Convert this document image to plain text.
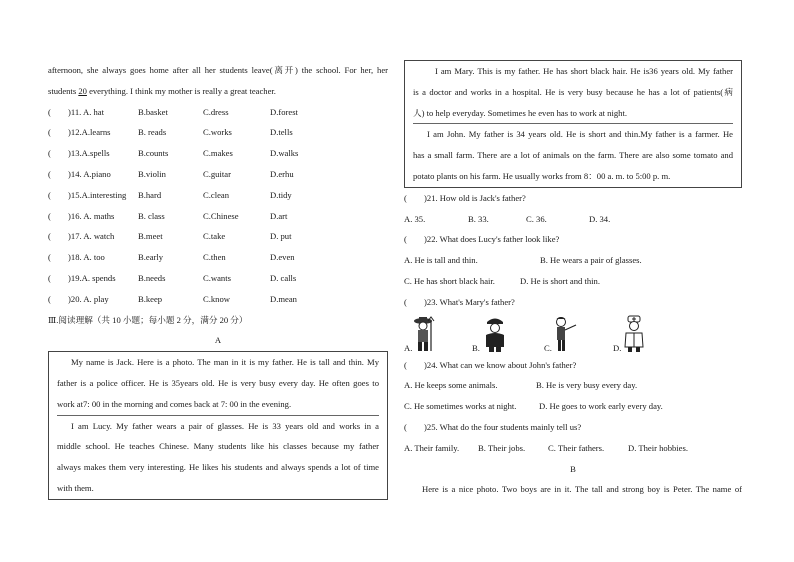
afternoon, she always goes home after all her students leave(离开) the school. For her, her
students 20 everything. I think my mother is really a great teacher.
(　　)11. A. hat	B.basket	C.dress	D.forest
(　　)12.A.learns	B. reads	C.works	D.tells
(　　)13.A.spells	B.counts	C.makes	D.walks
(　　)14. A.piano	B.violin	C.guitar	D.erhu
(　　)15.A.interesting B.hard	C.clean	D.tidy
(　　)16. A. maths	B. class	C.Chinese	D.art
(　　)17. A. watch	B.meet	C.take	D. put
(　　)18. A. too	B.early	C.then	D.even
(　　)19.A. spends	B.needs	C.wants	D. calls
(　　)20. A. play	B.keep	C.know	D.mean
Ⅲ.阅读理解（共 10 小题；每小题 2 分，满分 20 分）
A
My name is Jack. Here is a photo. The man in it is my father. He is tall and thin. My
father is a police officer. He is 35years old. He is very busy every day. He often goes to
work at7: 00 in the morning and comes back at 7: 00 in the evening.
I am Lucy. My father wears a pair of glasses. He is 33 years old and works in a
middle school. He teaches Chinese. Many students like his classes because my father
always makes them very interesting. He likes his students and always spends a lot of time
with them.
I am Mary. This is my father. He has short black hair. He is36 years old. My father
is a doctor and works in a hospital. He is very busy because he has a lot of patients(病
人) to help everyday. Sometimes he even has to work at night.
I am John. My father is 34 years old. He is short and thin.My father is a farmer. He
has a small farm. There are a lot of animals on the farm. There are also some tomato and
potato plants on his farm. He usually works from 8：00 a. m. to 5:00 p. m.
(　　)21. How old is Jack's father?
A. 35.	B. 33.	C. 36.	D. 34.
(　　)22. What does Lucy's father look like?
A. He is tall and thin.	B. He wears a pair of glasses.
C. He has short black hair.	D. He is short and thin.
(　　)23. What's Mary's father?
A.	B.	C.	D.
(　　)24. What can we know about John's father?
A. He keeps some animals.	B. He is very busy every day.
C. He sometimes works at night.	D. He goes to work early every day.
(　　)25. What do the four students mainly tell us?
A. Their family. B. Their jobs.	C. Their fathers.	D. Their hobbies.
B
Here is a nice photo. Two boys are in it. The tall and strong boy is Peter. The name of
